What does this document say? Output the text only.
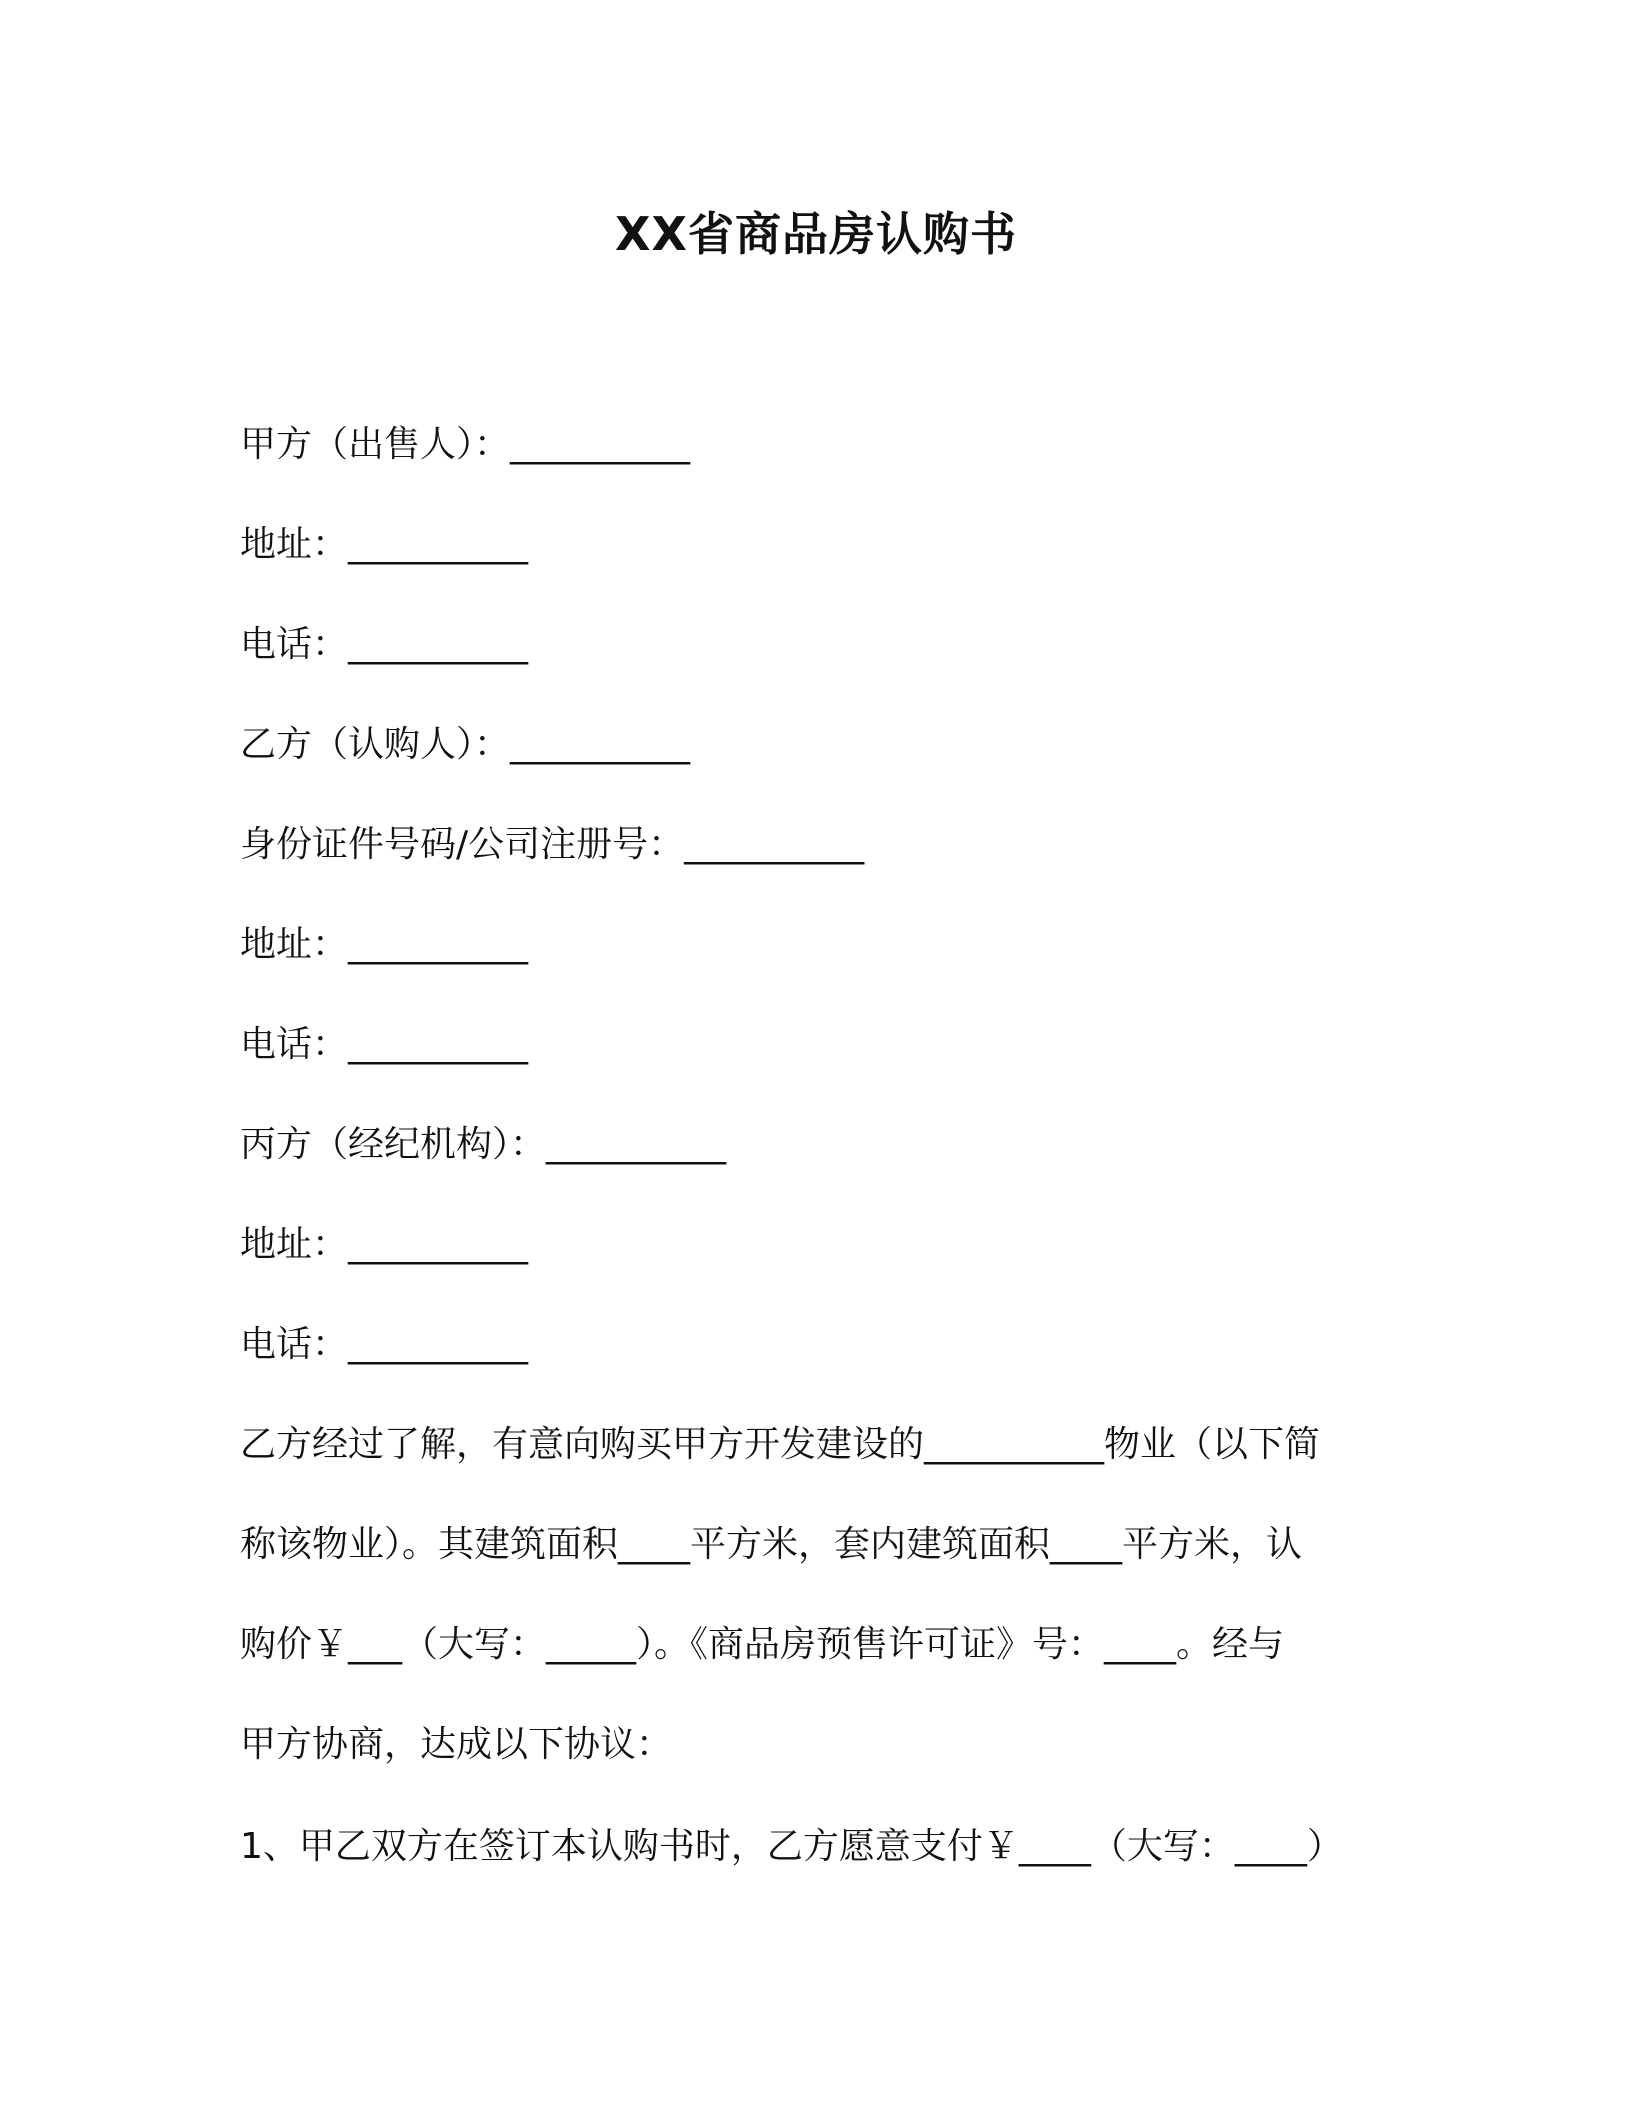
XX省商品房认购书
甲方（出售人）：__________
地址：__________
电话：__________
乙方（认购人）：__________
身份证件号码/公司注册号：__________
地址：__________
电话：__________
丙方（经纪机构）：__________
地址：__________
电话：__________
乙方经过了解，有意向购买甲方开发建设的__________物业（以下简
称该物业）。其建筑面积____平方米，套内建筑面积____平方米，认
购价￥___（大写：_____）。《商品房预售许可证》号：____。经与
甲方协商，达成以下协议：
1、甲乙双方在签订本认购书时，乙方愿意支付￥____（大写：____）
